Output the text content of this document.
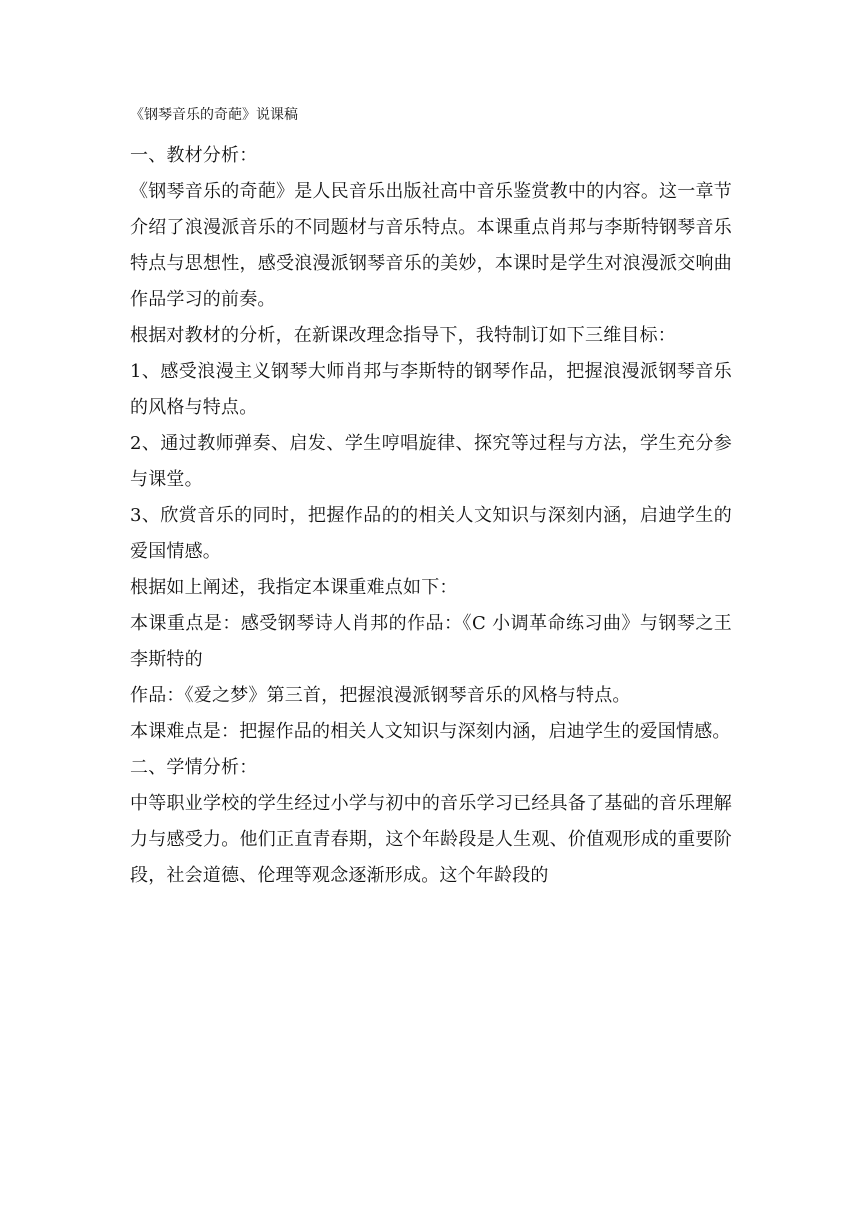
《钢琴音乐的奇葩》说课稿

一、教材分析：

《钢琴音乐的奇葩》是人民音乐出版社高中音乐鉴赏教中的内容。这一章节介绍了浪漫派音乐的不同题材与音乐特点。本课重点肖邦与李斯特钢琴音乐特点与思想性，感受浪漫派钢琴音乐的美妙，本课时是学生对浪漫派交响曲作品学习的前奏。

根据对教材的分析，在新课改理念指导下，我特制订如下三维目标：

1、感受浪漫主义钢琴大师肖邦与李斯特的钢琴作品，把握浪漫派钢琴音乐的风格与特点。

2、通过教师弹奏、启发、学生哼唱旋律、探究等过程与方法，学生充分参与课堂。

3、欣赏音乐的同时，把握作品的的相关人文知识与深刻内涵，启迪学生的爱国情感。

根据如上阐述，我指定本课重难点如下：

本课重点是：感受钢琴诗人肖邦的作品：《C 小调革命练习曲》与钢琴之王李斯特的

作品：《爱之梦》第三首，把握浪漫派钢琴音乐的风格与特点。

本课难点是：把握作品的相关人文知识与深刻内涵，启迪学生的爱国情感。

二、学情分析：

中等职业学校的学生经过小学与初中的音乐学习已经具备了基础的音乐理解力与感受力。他们正直青春期，这个年龄段是人生观、价值观形成的重要阶段，社会道德、伦理等观念逐渐形成。这个年龄段的
